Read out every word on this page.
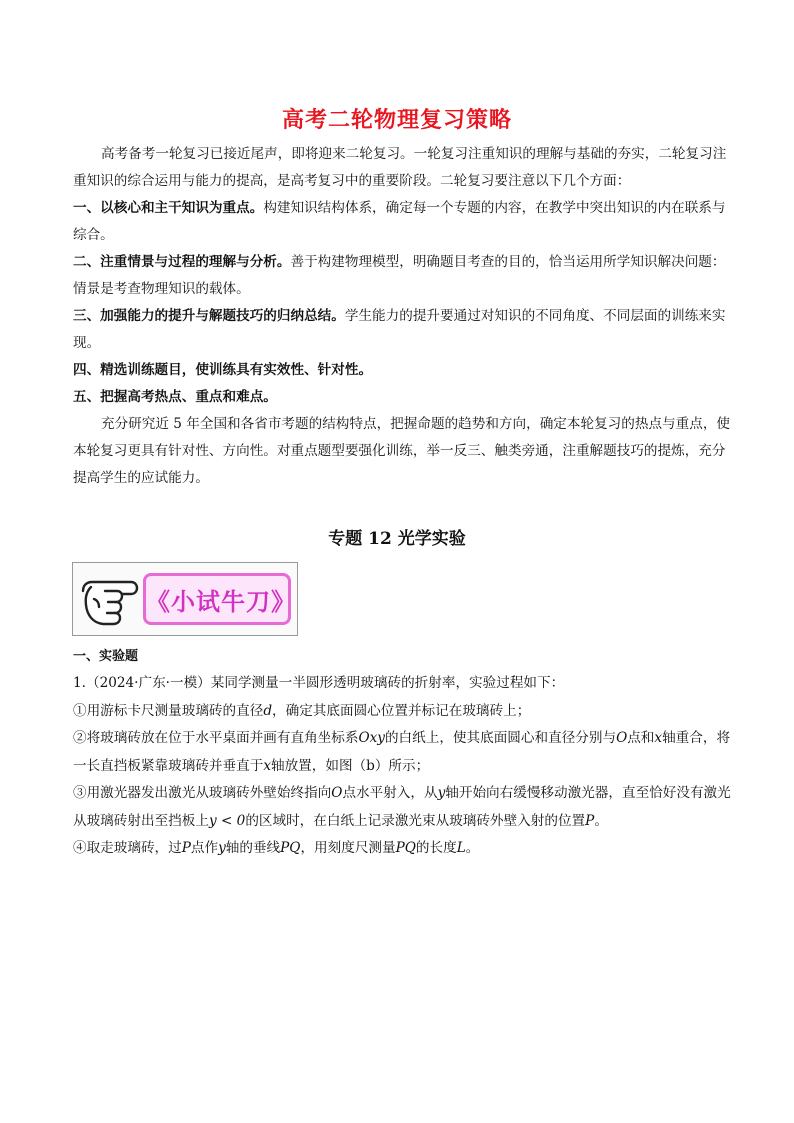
高考二轮物理复习策略

高考备考一轮复习已接近尾声，即将迎来二轮复习。一轮复习注重知识的理解与基础的夯实，二轮复习注重知识的综合运用与能力的提高，是高考复习中的重要阶段。二轮复习要注意以下几个方面：

一、以核心和主干知识为重点。构建知识结构体系，确定每一个专题的内容，在教学中突出知识的内在联系与综合。

二、注重情景与过程的理解与分析。善于构建物理模型，明确题目考查的目的，恰当运用所学知识解决问题：情景是考查物理知识的载体。

三、加强能力的提升与解题技巧的归纳总结。学生能力的提升要通过对知识的不同角度、不同层面的训练来实现。

四、精选训练题目，使训练具有实效性、针对性。

五、把握高考热点、重点和难点。

充分研究近 5 年全国和各省市考题的结构特点，把握命题的趋势和方向，确定本轮复习的热点与重点，使本轮复习更具有针对性、方向性。对重点题型要强化训练，举一反三、触类旁通，注重解题技巧的提炼，充分提高学生的应试能力。

专题 12 光学实验
《小试牛刀》
一、实验题

1.（2024·广东·一模）某同学测量一半圆形透明玻璃砖的折射率，实验过程如下：

①用游标卡尺测量玻璃砖的直径d，确定其底面圆心位置并标记在玻璃砖上；

②将玻璃砖放在位于水平桌面并画有直角坐标系Oxy的白纸上，使其底面圆心和直径分别与O点和x轴重合，将一长直挡板紧靠玻璃砖并垂直于x轴放置，如图（b）所示；

③用激光器发出激光从玻璃砖外壁始终指向O点水平射入，从y轴开始向右缓慢移动激光器，直至恰好没有激光从玻璃砖射出至挡板上y < 0的区域时，在白纸上记录激光束从玻璃砖外壁入射的位置P。

④取走玻璃砖，过P点作y轴的垂线PQ，用刻度尺测量PQ的长度L。
